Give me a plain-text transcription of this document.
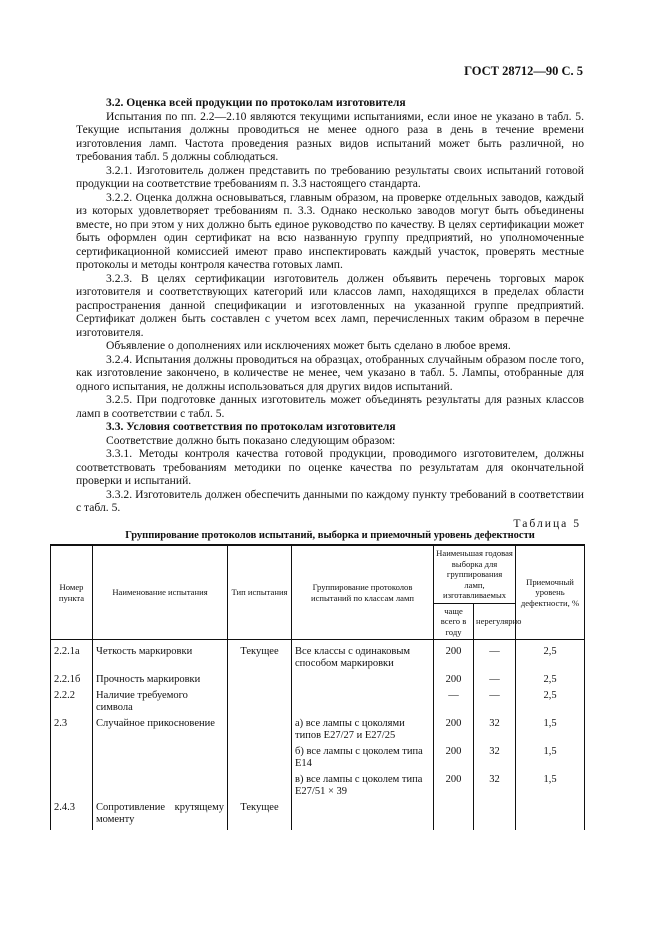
ГОСТ 28712—90 С. 5

3.2. Оценка всей продукции по протоколам изготовителя

Испытания по пп. 2.2—2.10 являются текущими испытаниями, если иное не указано в табл. 5. Текущие испытания должны проводиться не менее одного раза в день в течение времени изготовления ламп. Частота проведения разных видов испытаний может быть различной, но требования табл. 5 должны соблюдаться.

3.2.1. Изготовитель должен представить по требованию результаты своих испытаний готовой продукции на соответствие требованиям п. 3.3 настоящего стандарта.

3.2.2. Оценка должна основываться, главным образом, на проверке отдельных заводов, каждый из которых удовлетворяет требованиям п. 3.3. Однако несколько заводов могут быть объединены вместе, но при этом у них должно быть единое руководство по качеству. В целях сертификации может быть оформлен один сертификат на всю названную группу предприятий, но уполномоченные сертификационной комиссией имеют право инспектировать каждый участок, проверять местные протоколы и методы контроля качества готовых ламп.

3.2.3. В целях сертификации изготовитель должен объявить перечень торговых марок изготовителя и соответствующих категорий или классов ламп, находящихся в пределах области распространения данной спецификации и изготовленных на указанной группе предприятий. Сертификат должен быть составлен с учетом всех ламп, перечисленных таким образом в перечне изготовителя.

Объявление о дополнениях или исключениях может быть сделано в любое время.

3.2.4. Испытания должны проводиться на образцах, отобранных случайным образом после того, как изготовление закончено, в количестве не менее, чем указано в табл. 5. Лампы, отобранные для одного испытания, не должны использоваться для других видов испытаний.

3.2.5. При подготовке данных изготовитель может объединять результаты для разных классов ламп в соответствии с табл. 5.

3.3. Условия соответствия по протоколам изготовителя

Соответствие должно быть показано следующим образом:

3.3.1. Методы контроля качества готовой продукции, проводимого изготовителем, должны соответствовать требованиям методики по оценке качества по результатам для окончательной проверки и испытаний.

3.3.2. Изготовитель должен обеспечить данными по каждому пункту требований в соответствии с табл. 5.

Таблица 5
Группирование протоколов испытаний, выборка и приемочный уровень дефектности
Номер пункта	Наименование испытания	Тип испытания	Группирование протоколов испытаний по классам ламп	Наименьшая годовая выборка для группирования ламп, изготавливаемых		Приемочный уровень дефектности, %
				чаще всего в году	нерегулярно	
2.2.1а	Четкость маркировки	Текущее	Все классы с одинаковым способом маркировки	200	—	2,5
2.2.1б	Прочность маркировки			200	—	2,5
2.2.2	Наличие требуемого символа			—	—	2,5
2.3	Случайное прикосновение		а) все лампы с цоколями типов Е27/27 и Е27/25	200	32	1,5
			б) все лампы с цоколем типа Е14	200	32	1,5
			в) все лампы с цоколем типа Е27/51 × 39	200	32	1,5
2.4.3	Сопротивление крутящему моменту	Текущее				
